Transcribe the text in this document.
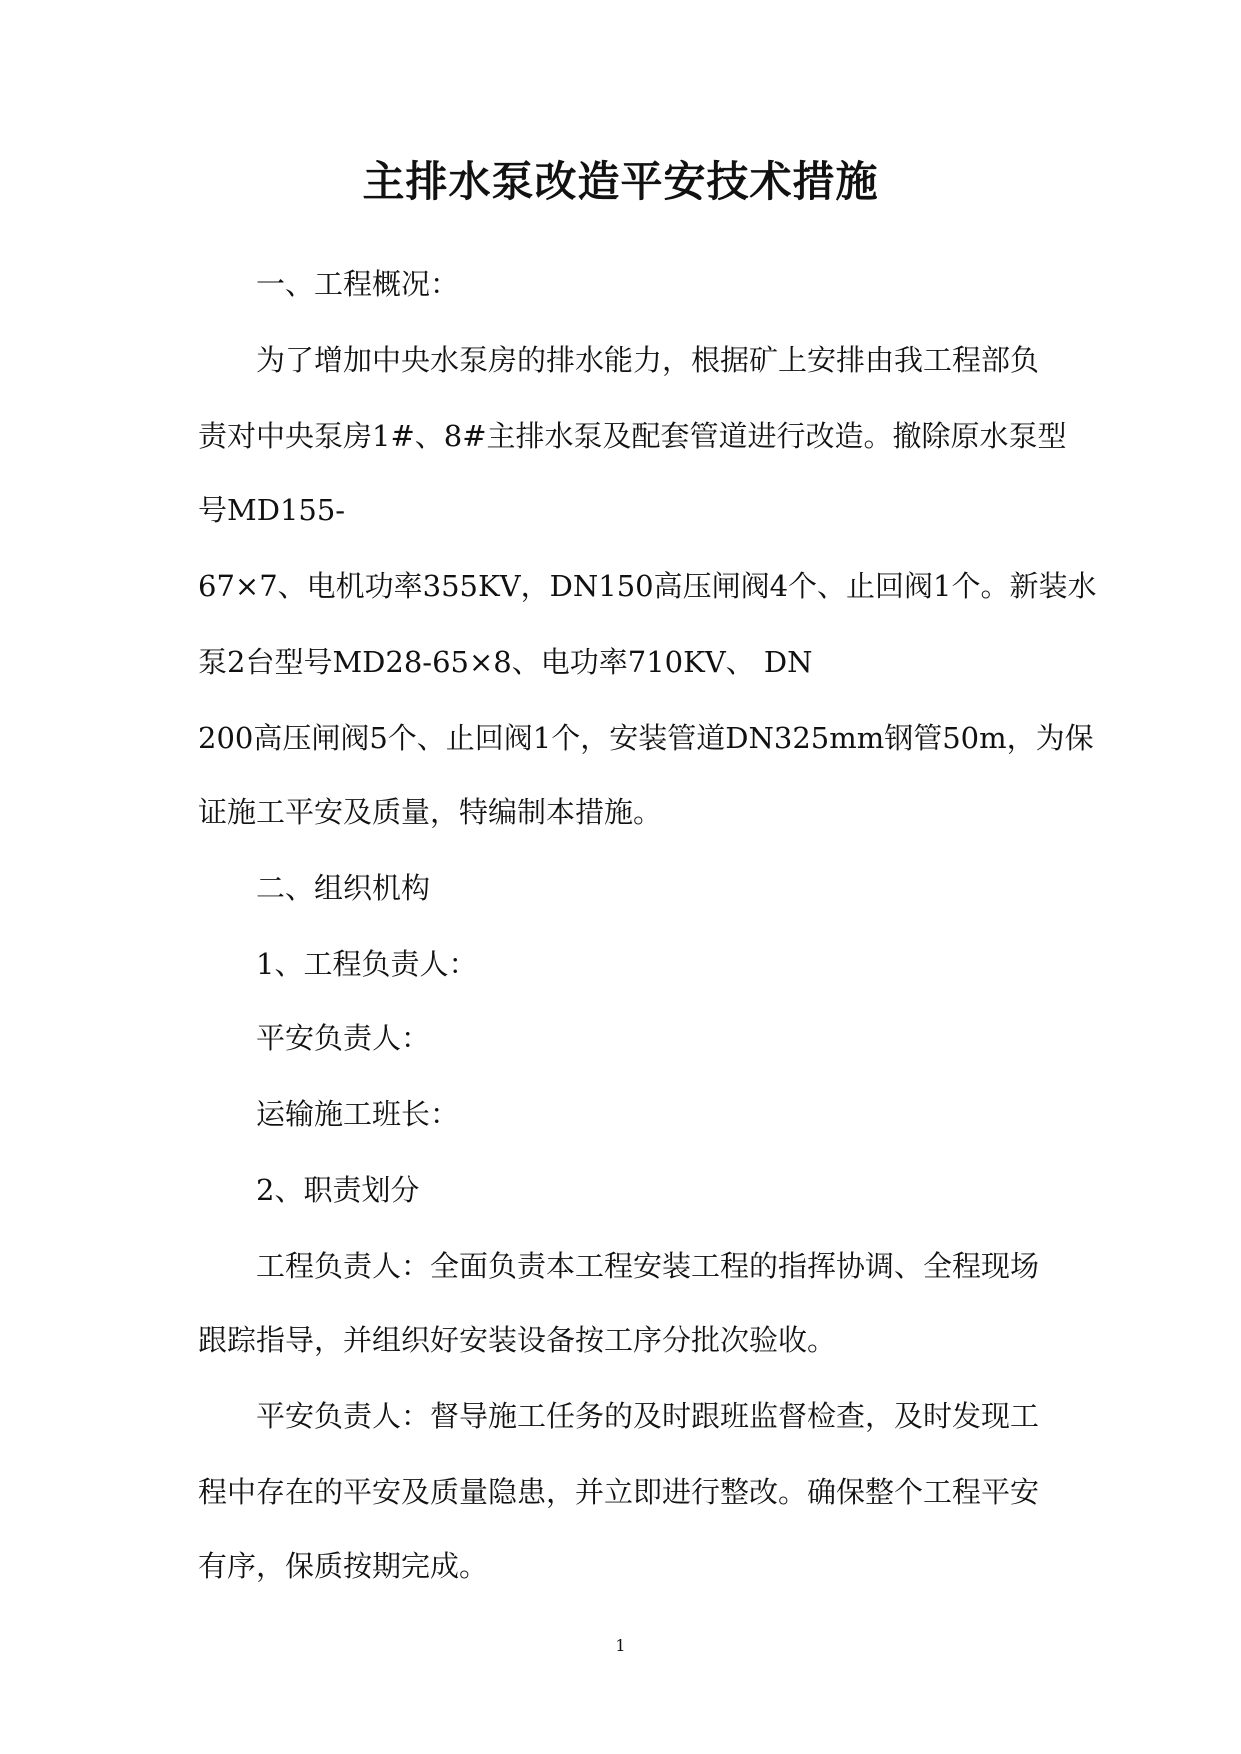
主排水泵改造平安技术措施

一、工程概况：

为了增加中央水泵房的排水能力，根据矿上安排由我工程部负

责对中央泵房1#、8#主排水泵及配套管道进行改造。撤除原水泵型

号MD155-

67×7、电机功率355KV，DN150高压闸阀4个、止回阀1个。新装水

泵2台型号MD28-65×8、电功率710KV、 DN

200高压闸阀5个、止回阀1个，安装管道DN325mm钢管50m，为保

证施工平安及质量，特编制本措施。

二、组织机构

1、工程负责人：

平安负责人：

运输施工班长：

2、职责划分

工程负责人：全面负责本工程安装工程的指挥协调、全程现场

跟踪指导，并组织好安装设备按工序分批次验收。

平安负责人：督导施工任务的及时跟班监督检查，及时发现工

程中存在的平安及质量隐患，并立即进行整改。确保整个工程平安

有序，保质按期完成。

1
